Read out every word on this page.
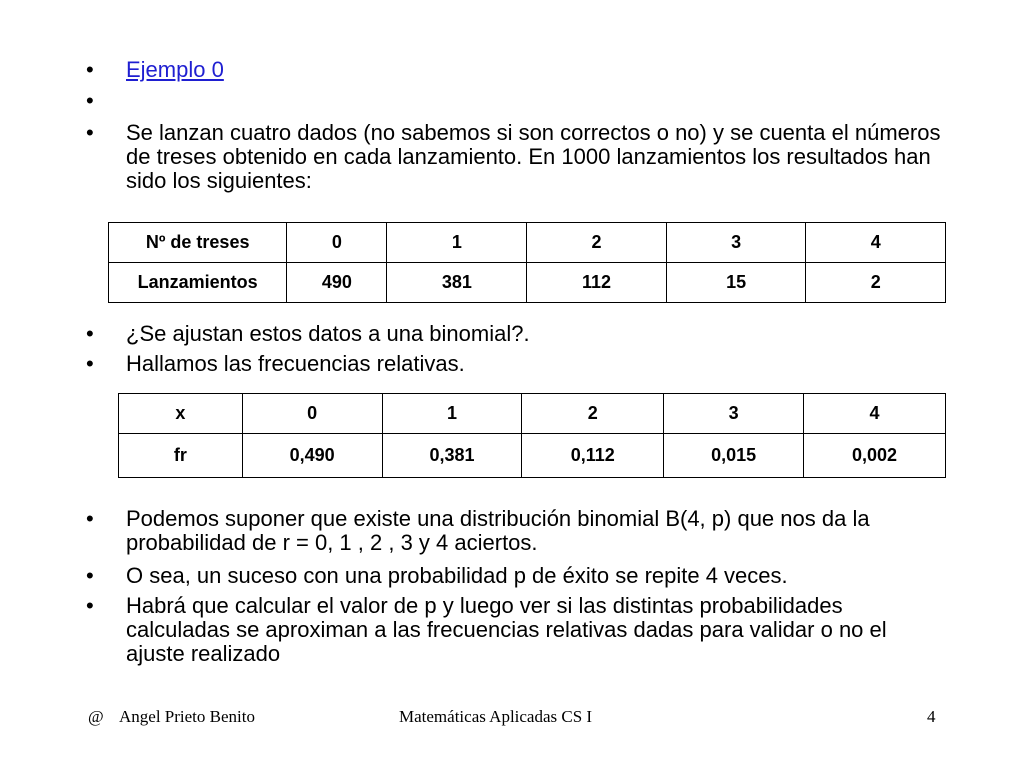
•	Ejemplo 0
•
•	Se lanzan cuatro dados (no sabemos si son correctos o no) y se cuenta el números de treses obtenido en cada lanzamiento. En 1000 lanzamientos los resultados han sido los siguientes:
Nº de treses	0	1	2	3	4
Lanzamientos	490	381	112	15	2
•	¿Se ajustan estos datos a una binomial?.
•	Hallamos las frecuencias relativas.
x	0	1	2	3	4
fr	0,490	0,381	0,112	0,015	0,002
•	Podemos suponer que existe una distribución binomial B(4, p) que nos da la probabilidad de r = 0, 1 , 2 , 3 y 4 aciertos.
•	O sea, un suceso con una probabilidad p de éxito se repite 4 veces.
•	Habrá que calcular el valor de p y luego ver si las distintas probabilidades calculadas se aproximan a las frecuencias relativas dadas para validar o no el ajuste realizado
@ Angel Prieto Benito	Matemáticas Aplicadas CS I	4
